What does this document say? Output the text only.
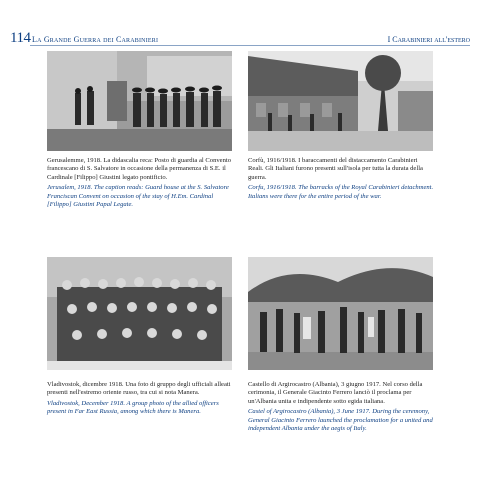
114 La Grande Guerra dei Carabinieri	I Carabinieri all'estero
Gerusalemme, 1918. La didascalia reca: Posto di guardia al Convento francescano di S. Salvatore in occasione della permanenza di S.E. il Cardinale [Filippo] Giustini legato pontificio.
Jerusalem, 1918. The caption reads: Guard house at the S. Salvatore Franciscan Convent on occasion of the stay of H.Em. Cardinal [Filippo] Giustini Papal Legate.
Corfù, 1916/1918. I baraccamenti del distaccamento Carabinieri Reali. Gli Italiani furono presenti sull'isola per tutta la durata della guerra.
Corfu, 1916/1918. The barracks of the Royal Carabinieri detachment. Italians were there for the entire period of the war.
Vladivostok, dicembre 1918. Una foto di gruppo degli ufficiali alleati presenti nell'estremo oriente russo, tra cui si nota Manera.
Vladivostok, December 1918. A group photo of the allied officers present in Far East Russia, among which there is Manera.
Castello di Argirocastro (Albania), 3 giugno 1917. Nel corso della cerimonia, il Generale Giacinto Ferrero lanciò il proclama per un'Albania unita e indipendente sotto egida italiana.
Castel of Argirocastro (Albania), 3 June 1917. During the ceremony, General Giacinto Ferrero launched the proclamation for a united and independent Albania under the aegis of Italy.
